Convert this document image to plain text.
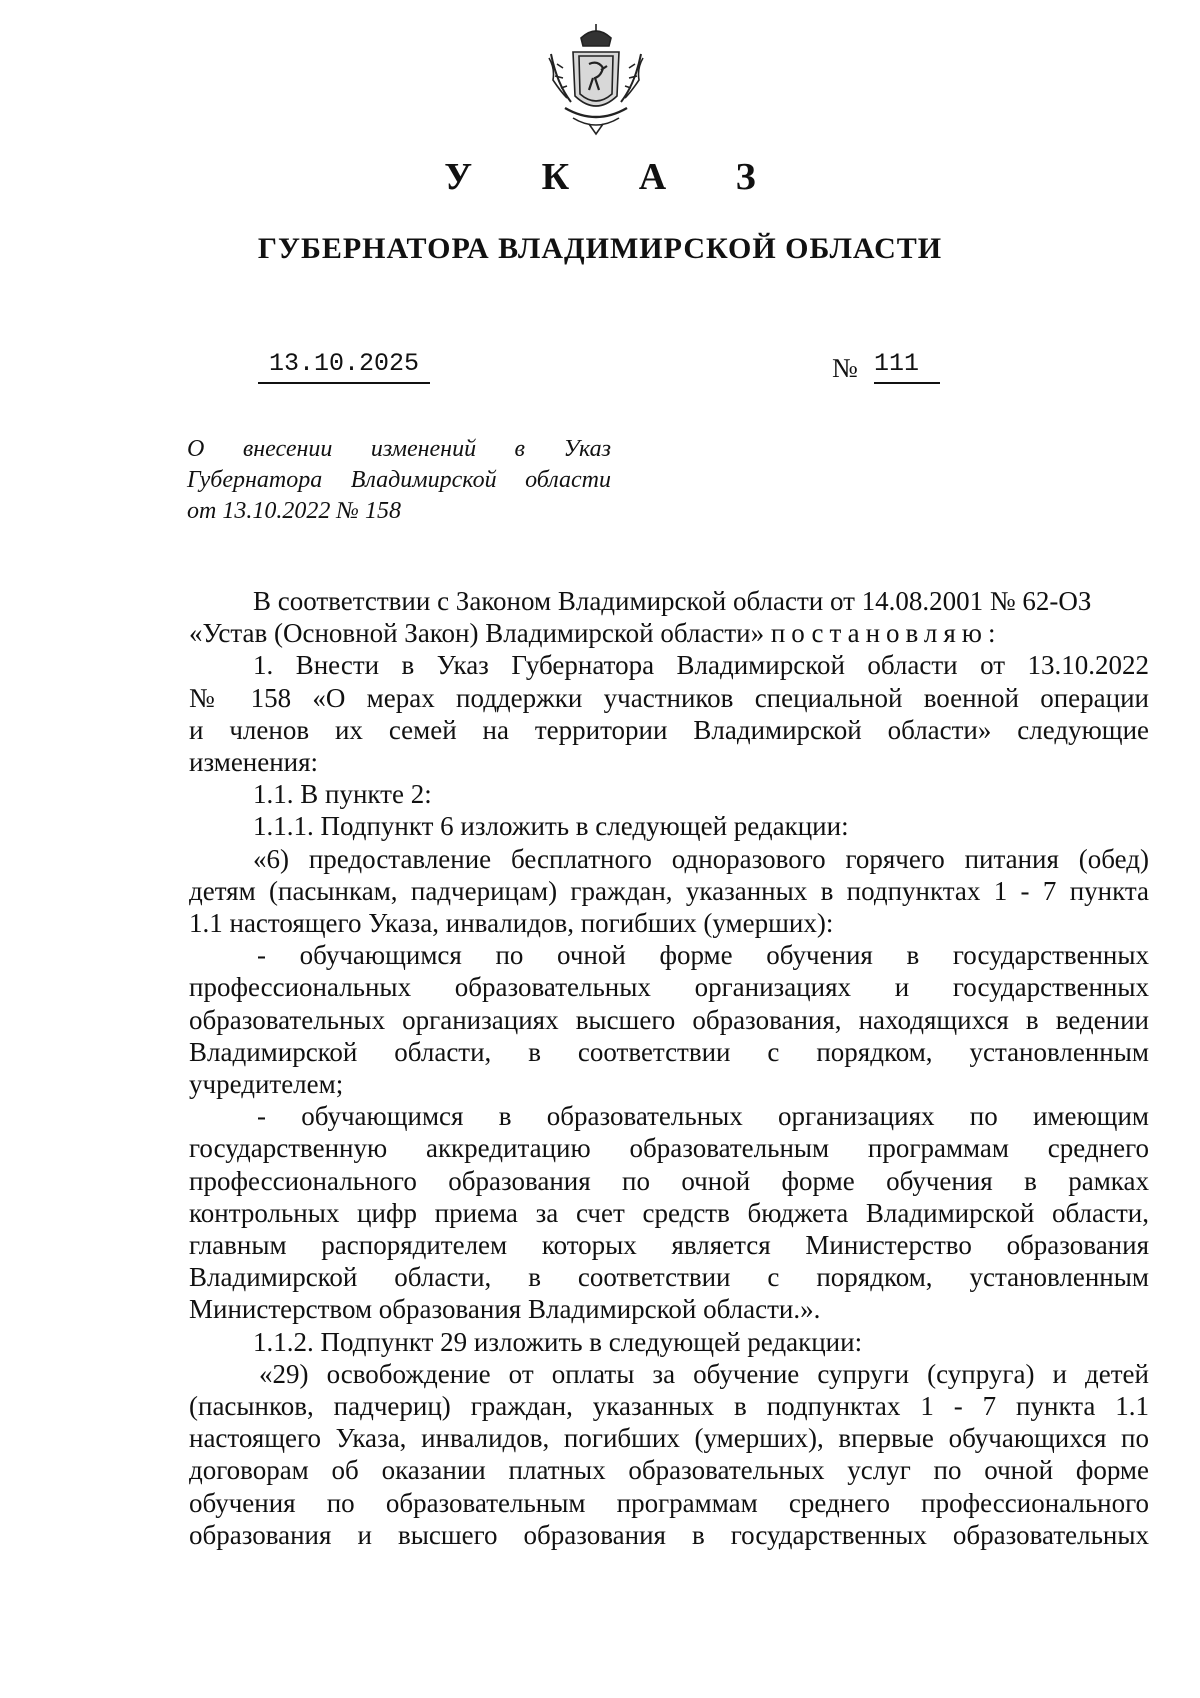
У К А З
ГУБЕРНАТОРА ВЛАДИМИРСКОЙ ОБЛАСТИ
13.10.2025	№ 111
О внесении изменений в Указ
Губернатора Владимирской области
от 13.10.2022 № 158
В соответствии с Законом Владимирской области от 14.08.2001 № 62-ОЗ
«Устав (Основной Закон) Владимирской области» постановляю:
1. Внести в Указ Губернатора Владимирской области от 13.10.2022
№ 158 «О мерах поддержки участников специальной военной операции
и членов их семей на территории Владимирской области» следующие
изменения:
1.1. В пункте 2:
1.1.1. Подпункт 6 изложить в следующей редакции:
«6) предоставление бесплатного одноразового горячего питания (обед)
детям (пасынкам, падчерицам) граждан, указанных в подпунктах 1 - 7 пункта
1.1 настоящего Указа, инвалидов, погибших (умерших):
- обучающимся по очной форме обучения в государственных
профессиональных образовательных организациях и государственных
образовательных организациях высшего образования, находящихся в ведении
Владимирской области, в соответствии с порядком, установленным
учредителем;
- обучающимся в образовательных организациях по имеющим
государственную аккредитацию образовательным программам среднего
профессионального образования по очной форме обучения в рамках
контрольных цифр приема за счет средств бюджета Владимирской области,
главным распорядителем которых является Министерство образования
Владимирской области, в соответствии с порядком, установленным
Министерством образования Владимирской области.».
1.1.2. Подпункт 29 изложить в следующей редакции:
«29) освобождение от оплаты за обучение супруги (супруга) и детей
(пасынков, падчериц) граждан, указанных в подпунктах 1 - 7 пункта 1.1
настоящего Указа, инвалидов, погибших (умерших), впервые обучающихся по
договорам об оказании платных образовательных услуг по очной форме
обучения по образовательным программам среднего профессионального
образования и высшего образования в государственных образовательных
